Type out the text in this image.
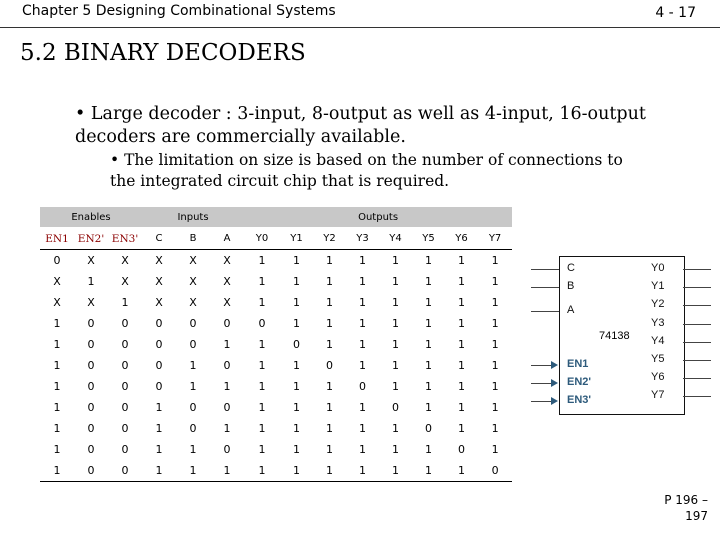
Chapter 5 Designing Combinational Systems	4 - 17
5.2 BINARY DECODERS
• Large decoder : 3-input, 8-output as well as 4-input, 16-output decoders are commercially available.
• The limitation on size is based on the number of connections to the integrated circuit chip that is required.
Enables			Inputs			Outputs							
EN1	EN2'	EN3'	C	B	A	Y0	Y1	Y2	Y3	Y4	Y5	Y6	Y7
0	X	X	X	X	X	1	1	1	1	1	1	1	1
X	1	X	X	X	X	1	1	1	1	1	1	1	1
X	X	1	X	X	X	1	1	1	1	1	1	1	1
1	0	0	0	0	0	0	1	1	1	1	1	1	1
1	0	0	0	0	1	1	0	1	1	1	1	1	1
1	0	0	0	1	0	1	1	0	1	1	1	1	1
1	0	0	0	1	1	1	1	1	0	1	1	1	1
1	0	0	1	0	0	1	1	1	1	0	1	1	1
1	0	0	1	0	1	1	1	1	1	1	0	1	1
1	0	0	1	1	0	1	1	1	1	1	1	0	1
1	0	0	1	1	1	1	1	1	1	1	1	1	0
74138
C
B
A
EN1
EN2'
EN3'
Y0
Y1
Y2
Y3
Y4
Y5
Y6
Y7
P 196 –
197
